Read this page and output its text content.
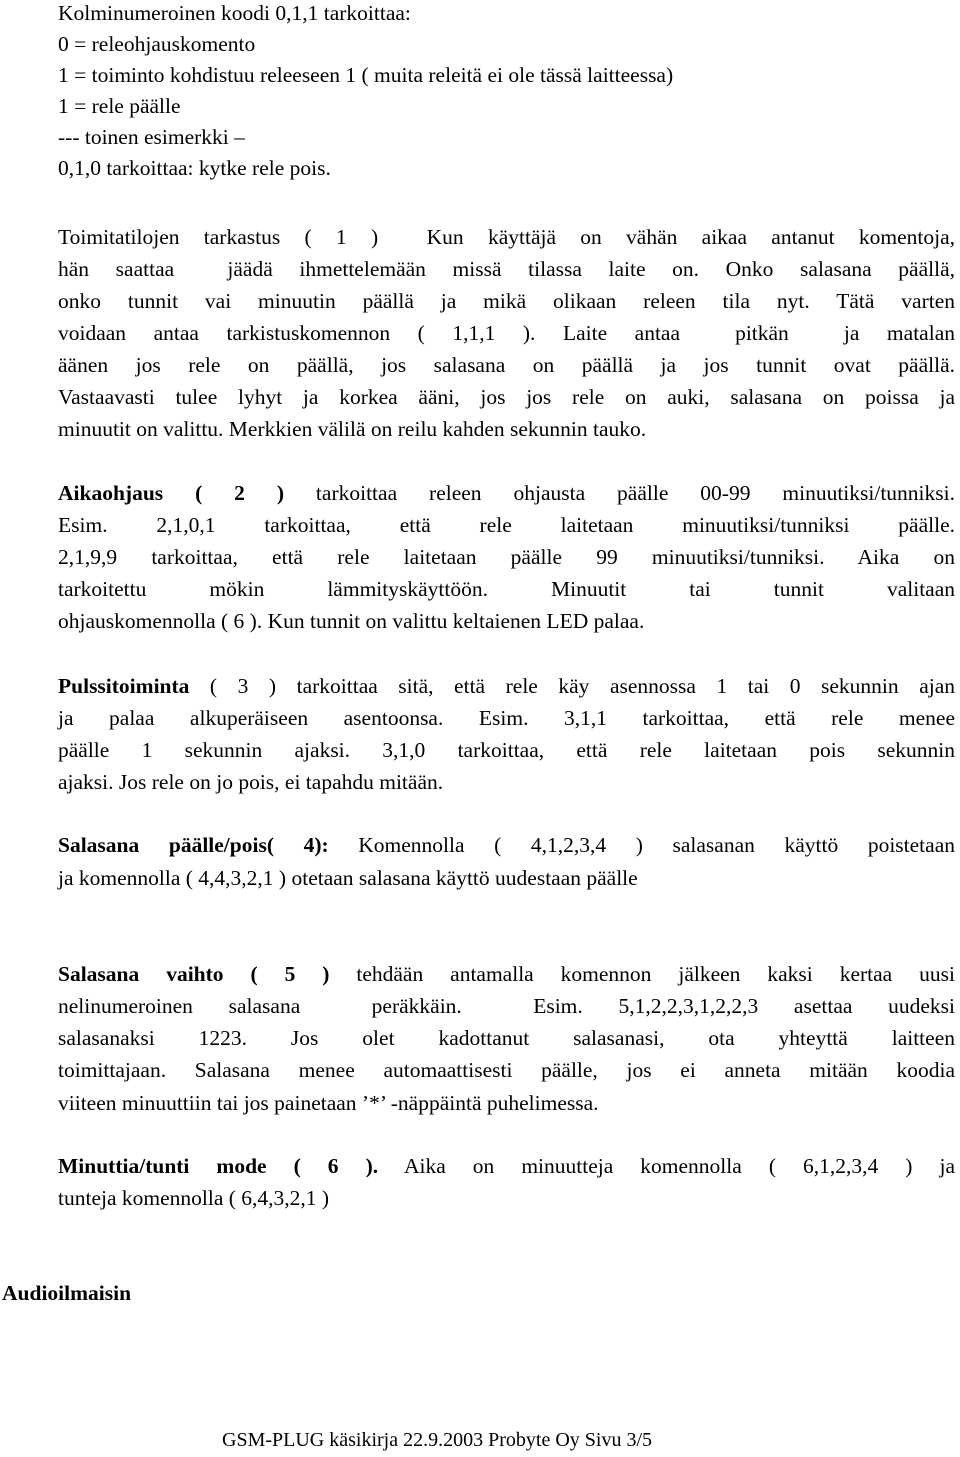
Kolminumeroinen koodi 0,1,1 tarkoittaa:
0 = releohjauskomento
1 = toiminto kohdistuu releeseen 1 ( muita releitä ei ole tässä laitteessa)
1 = rele päälle
--- toinen esimerkki –
0,1,0 tarkoittaa: kytke rele pois.
Toimitatilojen tarkastus ( 1 )  Kun käyttäjä on vähän aikaa antanut komentoja,
hän saattaa  jäädä ihmettelemään missä tilassa laite on. Onko salasana päällä,
onko tunnit vai minuutin päällä ja mikä olikaan releen tila nyt. Tätä varten
voidaan antaa tarkistuskomennon ( 1,1,1 ). Laite antaa  pitkän  ja matalan
äänen jos rele on päällä, jos salasana on päällä ja jos tunnit ovat päällä.
Vastaavasti tulee lyhyt ja korkea ääni, jos jos rele on auki, salasana on poissa ja
minuutit on valittu. Merkkien välilä on reilu kahden sekunnin tauko.
Aikaohjaus ( 2 ) tarkoittaa releen ohjausta päälle 00-99 minuutiksi/tunniksi.
Esim. 2,1,0,1 tarkoittaa, että rele laitetaan minuutiksi/tunniksi päälle.
2,1,9,9 tarkoittaa, että rele laitetaan päälle 99 minuutiksi/tunniksi. Aika on
tarkoitettu mökin lämmityskäyttöön. Minuutit tai tunnit valitaan
ohjauskomennolla ( 6 ). Kun tunnit on valittu keltaienen LED palaa.
Pulssitoiminta ( 3 ) tarkoittaa sitä, että rele käy asennossa 1 tai 0 sekunnin ajan
ja palaa alkuperäiseen asentoonsa. Esim. 3,1,1 tarkoittaa, että rele menee
päälle 1 sekunnin ajaksi. 3,1,0 tarkoittaa, että rele laitetaan pois sekunnin
ajaksi. Jos rele on jo pois, ei tapahdu mitään.
Salasana päälle/pois( 4): Komennolla ( 4,1,2,3,4 ) salasanan käyttö poistetaan
ja komennolla ( 4,4,3,2,1 ) otetaan salasana käyttö uudestaan päälle
Salasana vaihto ( 5 ) tehdään antamalla komennon jälkeen kaksi kertaa uusi
nelinumeroinen salasana  peräkkäin.  Esim. 5,1,2,2,3,1,2,2,3 asettaa uudeksi
salasanaksi 1223. Jos olet kadottanut salasanasi, ota yhteyttä laitteen
toimittajaan. Salasana menee automaattisesti päälle, jos ei anneta mitään koodia
viiteen minuuttiin tai jos painetaan ’*’ -näppäintä puhelimessa.
Minuttia/tunti mode ( 6 ). Aika on minuutteja komennolla ( 6,1,2,3,4 ) ja
tunteja komennolla ( 6,4,3,2,1 )
Audioilmaisin
GSM-PLUG käsikirja 22.9.2003 Probyte Oy Sivu 3/5
